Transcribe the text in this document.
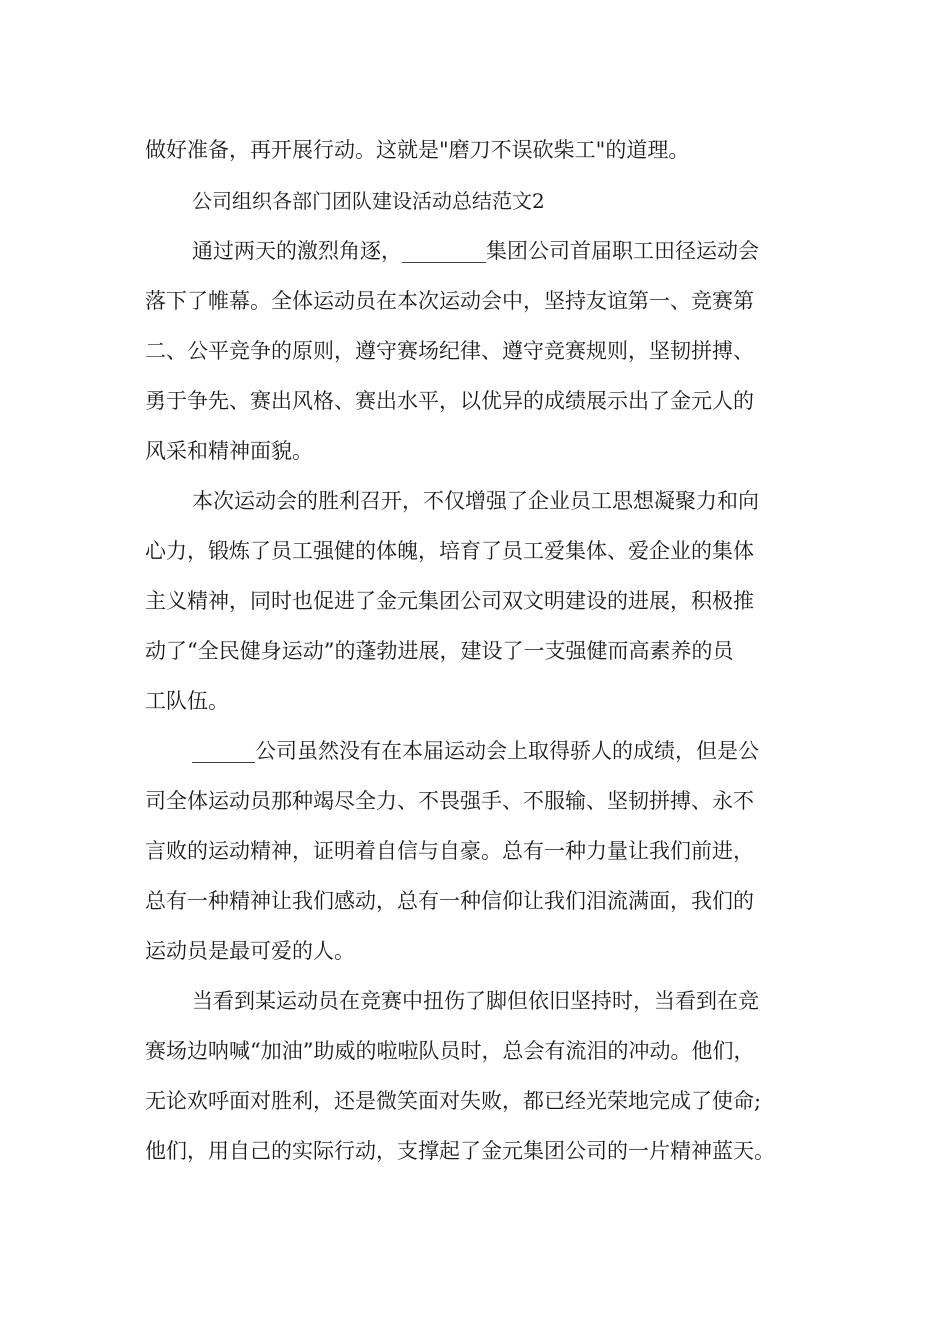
做好准备，再开展行动。这就是"磨刀不误砍柴工"的道理。
公司组织各部门团队建设活动总结范文2
通过两天的激烈角逐，________集团公司首届职工田径运动会
落下了帷幕。全体运动员在本次运动会中，坚持友谊第一、竞赛第
二、公平竞争的原则，遵守赛场纪律、遵守竞赛规则，坚韧拼搏、
勇于争先、赛出风格、赛出水平，以优异的成绩展示出了金元人的
风采和精神面貌。
本次运动会的胜利召开，不仅增强了企业员工思想凝聚力和向
心力，锻炼了员工强健的体魄，培育了员工爱集体、爱企业的集体
主义精神，同时也促进了金元集团公司双文明建设的进展，积极推
动了“全民健身运动”的蓬勃进展，建设了一支强健而高素养的员
工队伍。
______公司虽然没有在本届运动会上取得骄人的成绩，但是公
司全体运动员那种竭尽全力、不畏强手、不服输、坚韧拼搏、永不
言败的运动精神，证明着自信与自豪。总有一种力量让我们前进，
总有一种精神让我们感动，总有一种信仰让我们泪流满面，我们的
运动员是最可爱的人。
当看到某运动员在竞赛中扭伤了脚但依旧坚持时，当看到在竞
赛场边呐喊“加油”助威的啦啦队员时，总会有流泪的冲动。他们，
无论欢呼面对胜利，还是微笑面对失败，都已经光荣地完成了使命;
他们，用自己的实际行动，支撑起了金元集团公司的一片精神蓝天。
